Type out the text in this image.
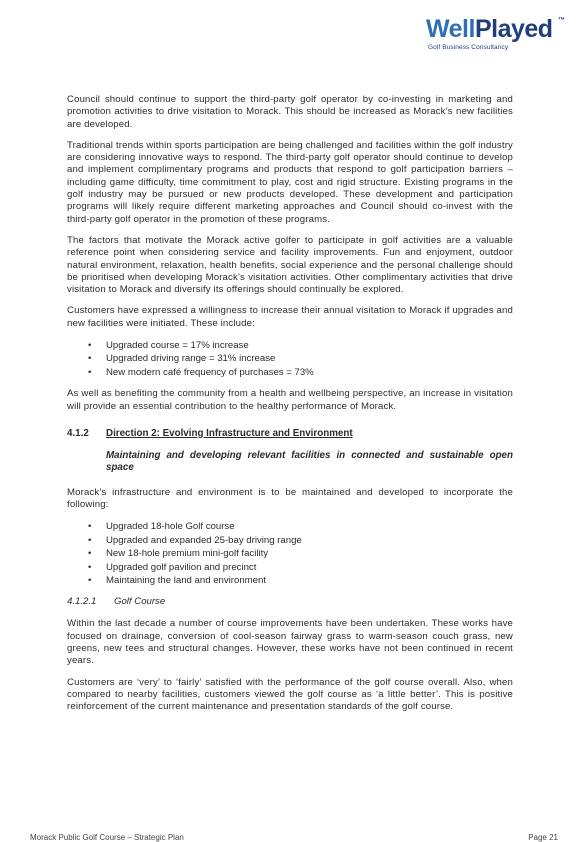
WellPlayed ™
Golf Business Consultancy

Council should continue to support the third-party golf operator by co-investing in marketing and promotion activities to drive visitation to Morack. This should be increased as Morack’s new facilities are developed.

Traditional trends within sports participation are being challenged and facilities within the golf industry are considering innovative ways to respond. The third-party golf operator should continue to develop and implement complimentary programs and products that respond to golf participation barriers – including game difficulty, time commitment to play, cost and rigid structure. Existing programs in the golf industry may be pursued or new products developed. These development and participation programs will likely require different marketing approaches and Council should co-invest with the third-party golf operator in the promotion of these programs.

The factors that motivate the Morack active golfer to participate in golf activities are a valuable reference point when considering service and facility improvements. Fun and enjoyment, outdoor natural environment, relaxation, health benefits, social experience and the personal challenge should be prioritised when developing Morack’s visitation activities. Other complimentary activities that drive visitation to Morack and diversify its offerings should continually be explored.

Customers have expressed a willingness to increase their annual visitation to Morack if upgrades and new facilities were initiated. These include:

• Upgraded course = 17% increase
• Upgraded driving range = 31% increase
• New modern café frequency of purchases = 73%

As well as benefiting the community from a health and wellbeing perspective, an increase in visitation will provide an essential contribution to the healthy performance of Morack.

4.1.2 Direction 2: Evolving Infrastructure and Environment
Maintaining and developing relevant facilities in connected and sustainable open space

Morack’s infrastructure and environment is to be maintained and developed to incorporate the following:

• Upgraded 18-hole Golf course
• Upgraded and expanded 25-bay driving range
• New 18-hole premium mini-golf facility
• Upgraded golf pavilion and precinct
• Maintaining the land and environment
4.1.2.1 Golf Course

Within the last decade a number of course improvements have been undertaken. These works have focused on drainage, conversion of cool-season fairway grass to warm-season couch grass, new greens, new tees and structural changes. However, these works have not been continued in recent years.

Customers are ‘very’ to ‘fairly’ satisfied with the performance of the golf course overall. Also, when compared to nearby facilities, customers viewed the golf course as ‘a little better’. This is positive reinforcement of the current maintenance and presentation standards of the golf course.

Morack Public Golf Course – Strategic Plan	Page 21
